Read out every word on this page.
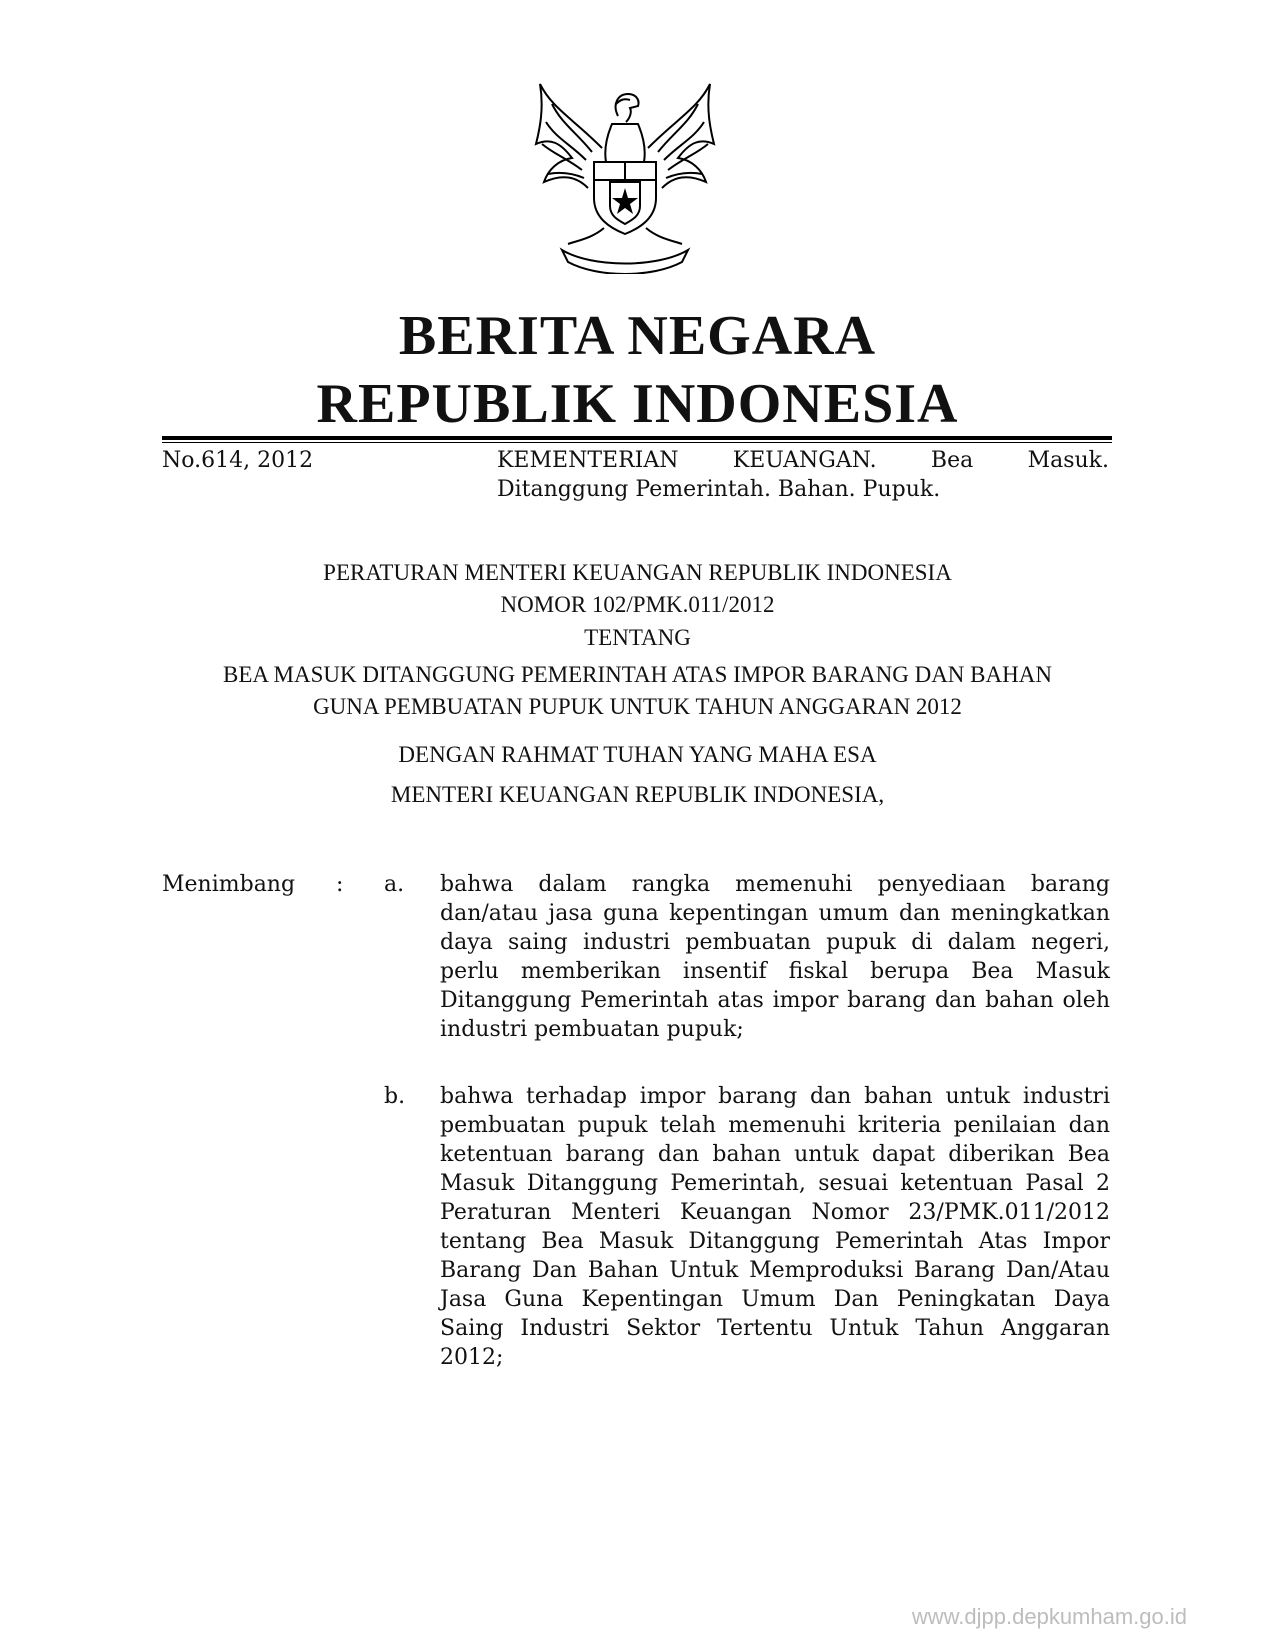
BERITA NEGARA
REPUBLIK INDONESIA
No.614, 2012	KEMENTERIAN KEUANGAN. Bea Masuk.
Ditanggung Pemerintah. Bahan. Pupuk.
PERATURAN MENTERI KEUANGAN REPUBLIK INDONESIA
NOMOR 102/PMK.011/2012
TENTANG
BEA MASUK DITANGGUNG PEMERINTAH ATAS IMPOR BARANG DAN BAHAN
GUNA PEMBUATAN PUPUK UNTUK TAHUN ANGGARAN 2012
DENGAN RAHMAT TUHAN YANG MAHA ESA
MENTERI KEUANGAN REPUBLIK INDONESIA,
Menimbang : a. bahwa dalam rangka memenuhi penyediaan barang dan/atau jasa guna kepentingan umum dan meningkatkan daya saing industri pembuatan pupuk di dalam negeri, perlu memberikan insentif fiskal berupa Bea Masuk Ditanggung Pemerintah atas impor barang dan bahan oleh industri pembuatan pupuk;
b. bahwa terhadap impor barang dan bahan untuk industri pembuatan pupuk telah memenuhi kriteria penilaian dan ketentuan barang dan bahan untuk dapat diberikan Bea Masuk Ditanggung Pemerintah, sesuai ketentuan Pasal 2 Peraturan Menteri Keuangan Nomor 23/PMK.011/2012 tentang Bea Masuk Ditanggung Pemerintah Atas Impor Barang Dan Bahan Untuk Memproduksi Barang Dan/Atau Jasa Guna Kepentingan Umum Dan Peningkatan Daya Saing Industri Sektor Tertentu Untuk Tahun Anggaran 2012;
www.djpp.depkumham.go.id
